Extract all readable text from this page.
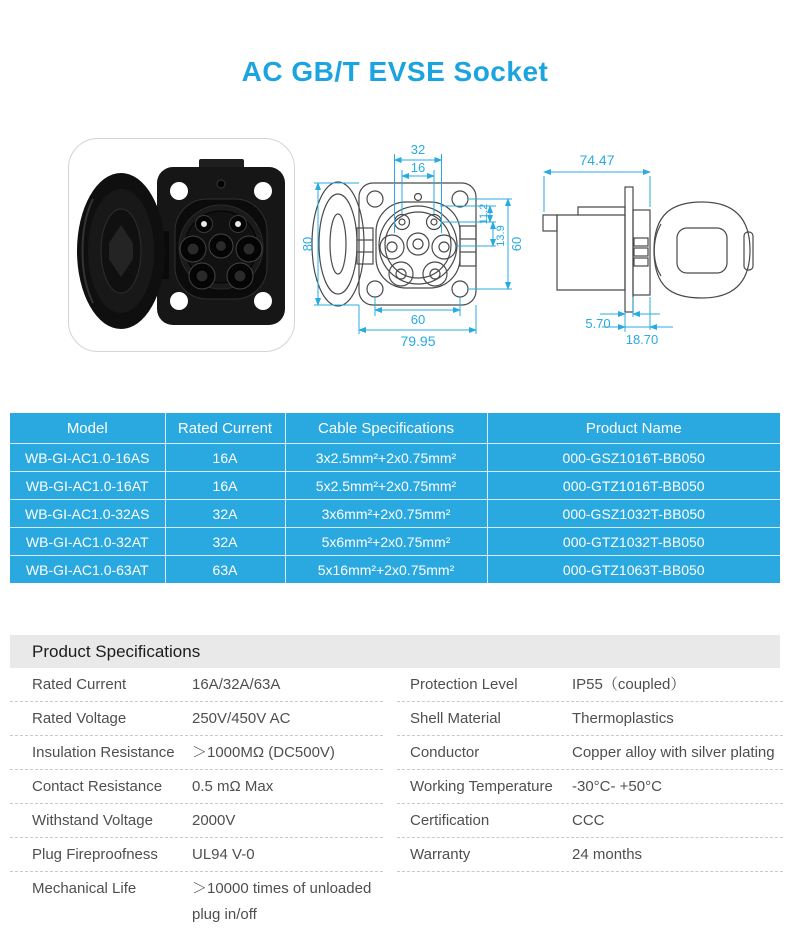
AC GB/T EVSE Socket
32
16
80	60
11.2
13.9
60
79.95
74.47
5.70
18.70
Model	Rated Current	Cable Specifications	Product Name
WB-GI-AC1.0-16AS	16A	3x2.5mm²+2x0.75mm²	000-GSZ1016T-BB050
WB-GI-AC1.0-16AT	16A	5x2.5mm²+2x0.75mm²	000-GTZ1016T-BB050
WB-GI-AC1.0-32AS	32A	3x6mm²+2x0.75mm²	000-GSZ1032T-BB050
WB-GI-AC1.0-32AT	32A	5x6mm²+2x0.75mm²	000-GTZ1032T-BB050
WB-GI-AC1.0-63AT	63A	5x16mm²+2x0.75mm²	000-GTZ1063T-BB050
Product Specifications
Rated Current	16A/32A/63A
Rated Voltage	250V/450V AC
Insulation Resistance	＞1000MΩ (DC500V)
Contact Resistance	0.5 mΩ Max
Withstand Voltage	2000V
Plug Fireproofness	UL94 V-0
Mechanical Life	＞10000 times of unloaded plug in/off
Protection Level	IP55（coupled）
Shell Material	Thermoplastics
Conductor	Copper alloy with silver plating
Working Temperature	-30°C- +50°C
Certification	CCC
Warranty	24 months
